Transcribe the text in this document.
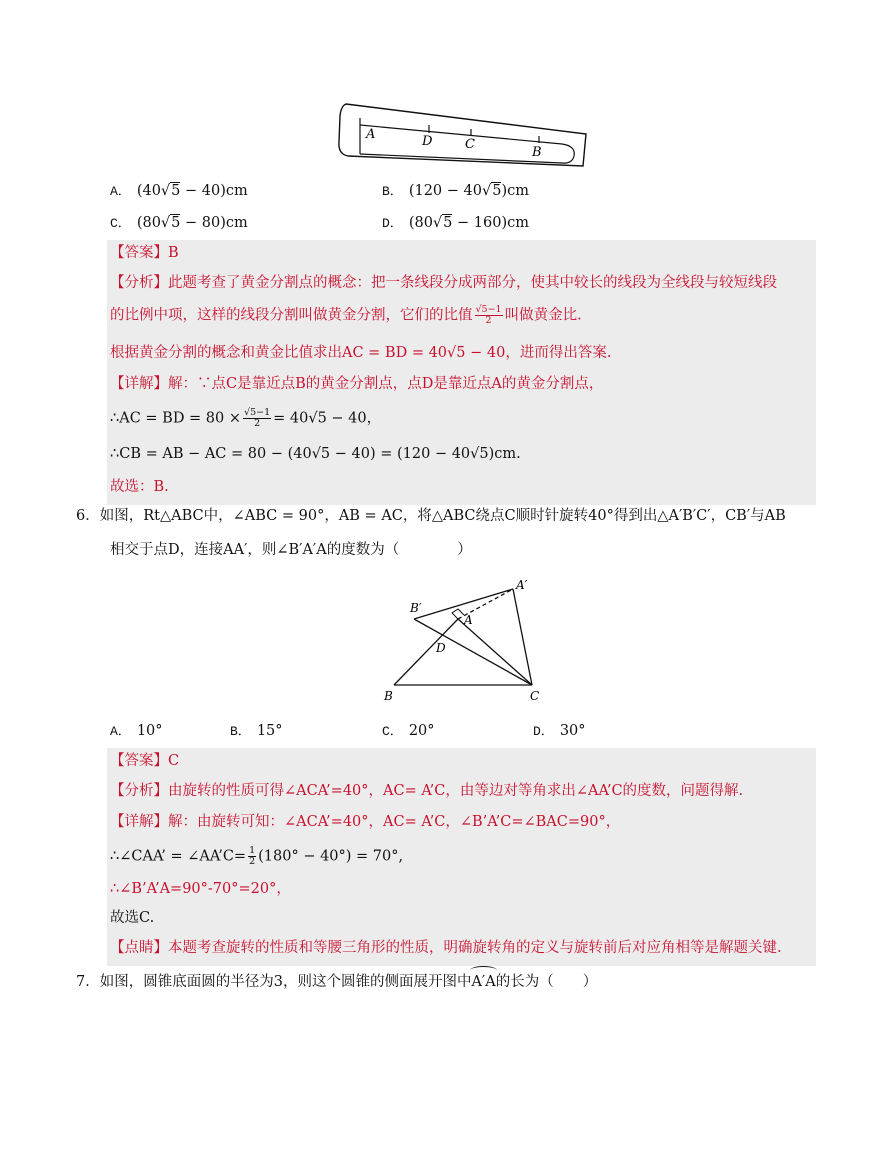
A	D	C
B
A． (40√5 − 40)cm	B． (120 − 40√5)cm
C． (80√5 − 80)cm	D． (80√5 − 160)cm
【答案】B
【分析】此题考查了黄金分割点的概念：把一条线段分成两部分，使其中较长的线段为全线段与较短线段
的比例中项，这样的线段分割叫做黄金分割，它们的比值 $\frac{√5-1}{2}$ 叫做黄金比.
根据黄金分割的概念和黄金比值求出AC = BD = 40√5 − 40，进而得出答案.
【详解】解：∵点C是靠近点B的黄金分割点，点D是靠近点A的黄金分割点，
∴AC = BD = $80 \times \frac{√5-1}{2} = 40√5 - 40$，
∴CB = AB − AC = 80 − (40√5 − 40) = (120 − 40√5)cm.
故选：B.
6．如图，Rt△ABC中，∠ABC = 90°，AB = AC，将△ABC绕点C顺时针旋转40°得到出△A′B′C′，CB′与AB
相交于点D，连接AA′，则∠B′A′A的度数为（　　　　）
A′
B′
A
D
B	C
A． 10°	B． 15°	C． 20°	D． 30°
【答案】C
【分析】由旋转的性质可得∠ACA’=40°，AC= A’C，由等边对等角求出∠AA’C的度数，问题得解.
【详解】解：由旋转可知：∠ACA’=40°，AC= A’C，∠B’A’C=∠BAC=90°，
∴∠CAA’ = ∠AA’C= $\frac{1}{2} (180^\circ - 40^\circ) = 70^\circ$,
∴∠B’A’A=90°-70°=20°，
故选C.
【点睛】本题考查旋转的性质和等腰三角形的性质，明确旋转角的定义与旋转前后对应角相等是解题关键.
7．如图，圆锥底面圆的半径为3，则这个圆锥的侧面展开图中A′A的长为（　　）
